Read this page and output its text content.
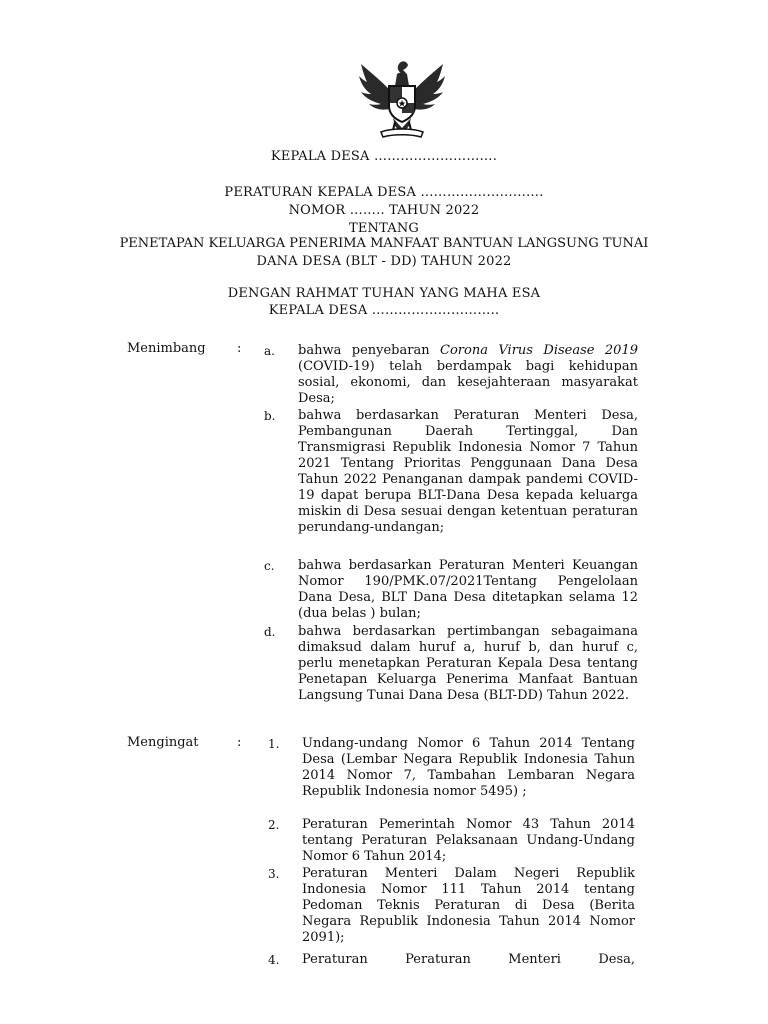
KEPALA DESA ……………………….
PERATURAN KEPALA DESA ……………………….
NOMOR …….. TAHUN 2022
TENTANG
PENETAPAN KELUARGA PENERIMA MANFAAT BANTUAN LANGSUNG TUNAI
DANA DESA (BLT - DD) TAHUN 2022
DENGAN RAHMAT TUHAN YANG MAHA ESA
KEPALA DESA ………………………..
Menimbang : a. bahwa penyebaran Corona Virus Disease 2019 (COVID-19) telah berdampak bagi kehidupan sosial, ekonomi, dan kesejahteraan masyarakat Desa;
b. bahwa berdasarkan Peraturan Menteri Desa, Pembangunan Daerah Tertinggal, Dan Transmigrasi Republik Indonesia Nomor 7 Tahun 2021 Tentang Prioritas Penggunaan Dana Desa Tahun 2022 Penanganan dampak pandemi COVID-19 dapat berupa BLT-Dana Desa kepada keluarga miskin di Desa sesuai dengan ketentuan peraturan perundang-undangan;
c. bahwa berdasarkan Peraturan Menteri Keuangan Nomor 190/PMK.07/2021Tentang Pengelolaan Dana Desa, BLT Dana Desa ditetapkan selama 12 (dua belas ) bulan;
d. bahwa berdasarkan pertimbangan sebagaimana dimaksud dalam huruf a, huruf b, dan huruf c, perlu menetapkan Peraturan Kepala Desa tentang Penetapan Keluarga Penerima Manfaat Bantuan Langsung Tunai Dana Desa (BLT-DD) Tahun 2022.
Mengingat	: 1. Undang-undang Nomor 6 Tahun 2014 Tentang Desa (Lembar Negara Republik Indonesia Tahun 2014 Nomor 7, Tambahan Lembaran Negara Republik Indonesia nomor 5495) ;
2. Peraturan Pemerintah Nomor 43 Tahun 2014 tentang Peraturan Pelaksanaan Undang-Undang Nomor 6 Tahun 2014;
3. Peraturan Menteri Dalam Negeri Republik Indonesia Nomor 111 Tahun 2014 tentang Pedoman Teknis Peraturan di Desa (Berita Negara Republik Indonesia Tahun 2014 Nomor 2091);
4. Peraturan Peraturan Menteri Desa,
